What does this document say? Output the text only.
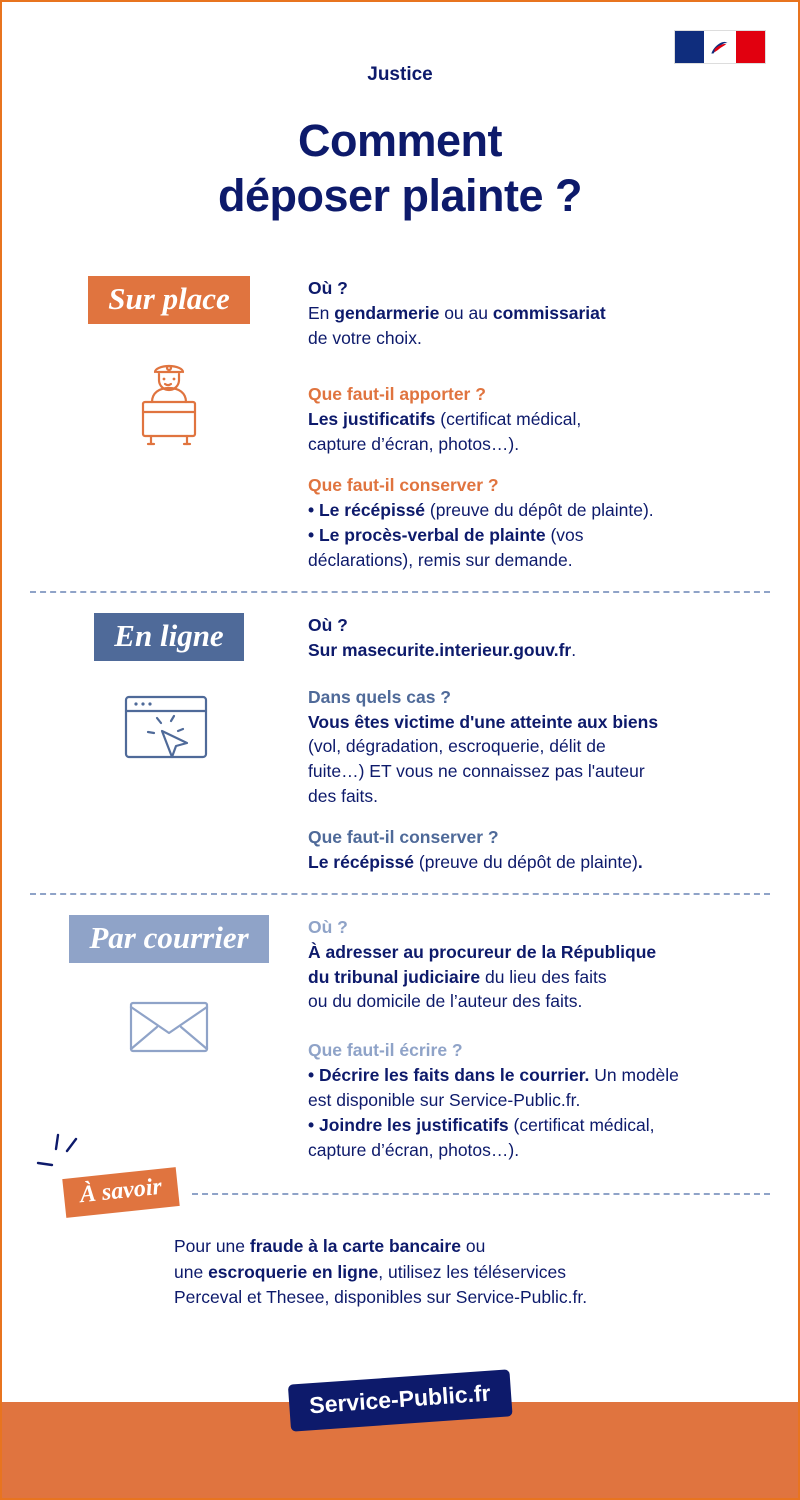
Justice
Comment
déposer plainte ?
Sur place	Où ?
En gendarmerie ou au commissariat
de votre choix.
Que faut-il apporter ?
Les justificatifs (certificat médical,
capture d’écran, photos…).
Que faut-il conserver ?
• Le récépissé (preuve du dépôt de plainte).
• Le procès-verbal de plainte (vos
déclarations), remis sur demande.
En ligne	Où ?
Sur masecurite.interieur.gouv.fr.
Dans quels cas ?
Vous êtes victime d'une atteinte aux biens
(vol, dégradation, escroquerie, délit de
fuite…) ET vous ne connaissez pas l'auteur
des faits.
Que faut-il conserver ?
Le récépissé (preuve du dépôt de plainte).
Par courrier	Où ?
À adresser au procureur de la République
du tribunal judiciaire du lieu des faits
ou du domicile de l’auteur des faits.
Que faut-il écrire ?
• Décrire les faits dans le courrier. Un modèle
est disponible sur Service-Public.fr.
• Joindre les justificatifs (certificat médical,
capture d’écran, photos…).
À savoir
Pour une fraude à la carte bancaire ou
une escroquerie en ligne, utilisez les téléservices
Perceval et Thesee, disponibles sur Service-Public.fr.
Service-Public.fr
